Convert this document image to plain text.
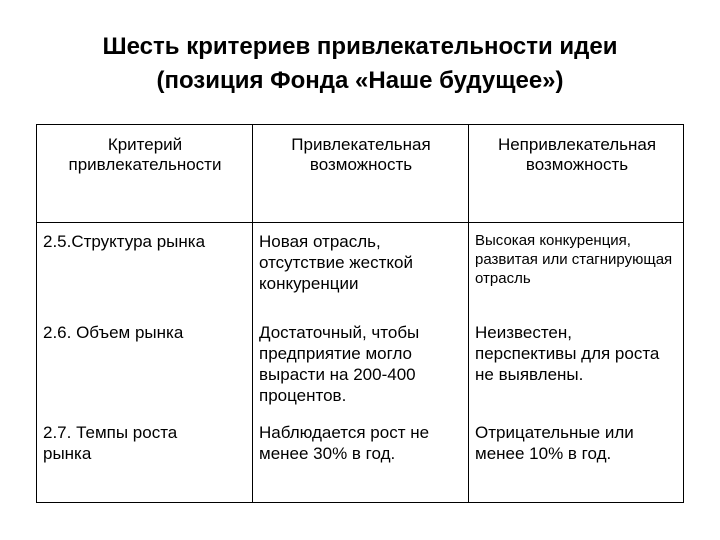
Шесть критериев привлекательности идеи
(позиция Фонда «Наше будущее»)
Критерий привлекательности
Привлекательная возможность
Непривлекательная возможность
2.5.Структура рынка	Новая отрасль, отсутствие жесткой конкуренции
Высокая конкуренция, развитая или стагнирующая отрасль
2.6. Объем рынка	Достаточный, чтобы предприятие могло вырасти на 200-400 процентов.
Неизвестен, перспективы для роста не выявлены.
2.7. Темпы роста рынка
Наблюдается рост не менее 30% в год.
Отрицательные или менее 10% в год.
